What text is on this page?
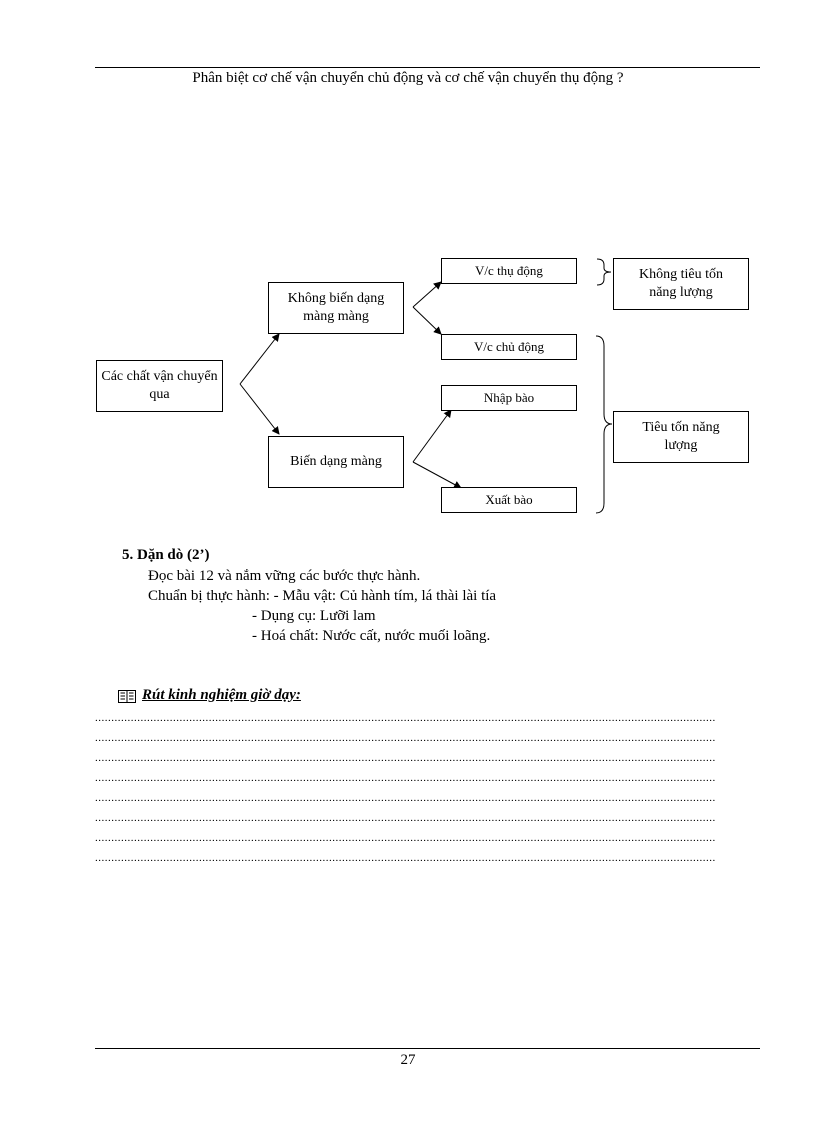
Phân biệt cơ chế vận chuyển chủ động và cơ chế vận chuyển thụ động ?
Các chất vận chuyển qua
Không biến dạng màng màng
Biến dạng màng
V/c thụ động
V/c chủ động
Nhập bào
Xuất bào
Không tiêu tốn năng lượng
Tiêu tốn năng lượng
5. Dặn dò (2’)
Đọc bài 12 và nắm vững các bước thực hành.
Chuẩn bị thực hành: - Mẫu vật: Củ hành tím, lá thài lài tía
- Dụng cụ: Lưỡi lam
- Hoá chất: Nước cất, nước muối loãng.
Rút kinh nghiệm giờ dạy:
...............................................................................................................................................................................................
...............................................................................................................................................................................................
...............................................................................................................................................................................................
...............................................................................................................................................................................................
...............................................................................................................................................................................................
...............................................................................................................................................................................................
...............................................................................................................................................................................................
...............................................................................................................................................................................................
27
